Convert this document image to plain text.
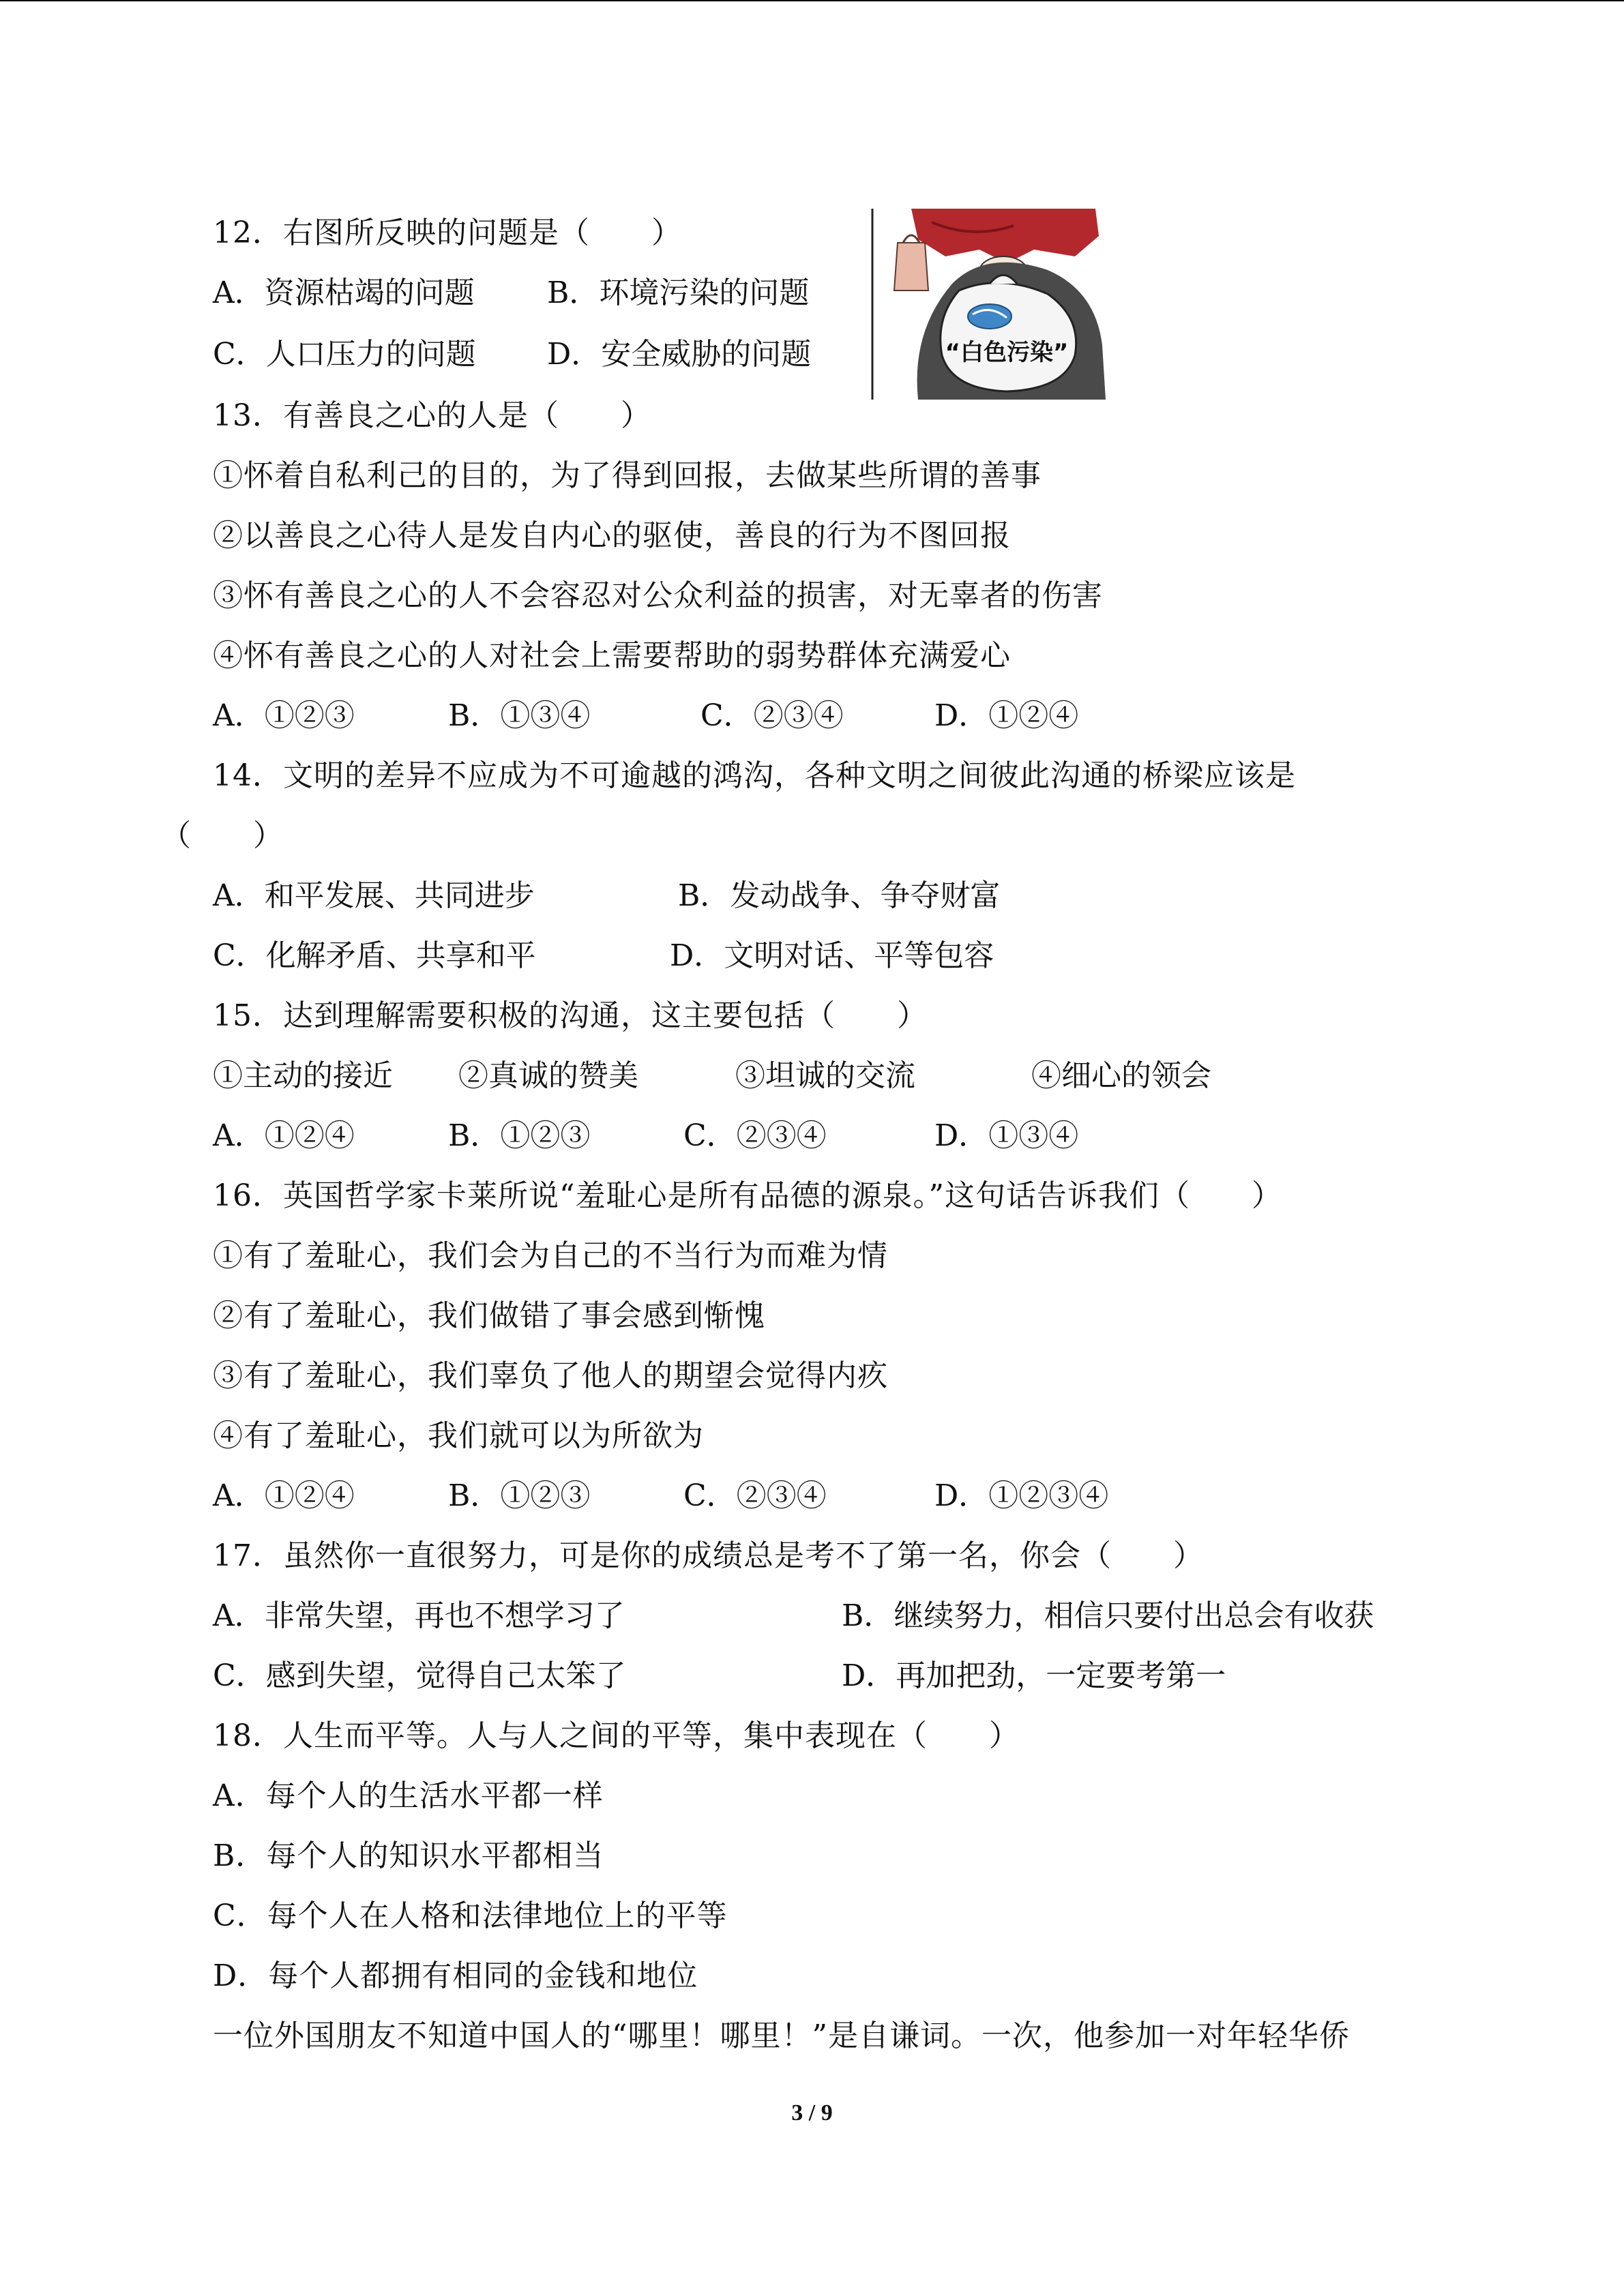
12．右图所反映的问题是（　　）
A．资源枯竭的问题 B．环境污染的问题
C．人口压力的问题 D．安全威胁的问题	“白色污染”
13．有善良之心的人是（　　）
①怀着自私利己的目的，为了得到回报，去做某些所谓的善事
②以善良之心待人是发自内心的驱使，善良的行为不图回报
③怀有善良之心的人不会容忍对公众利益的损害，对无辜者的伤害
④怀有善良之心的人对社会上需要帮助的弱势群体充满爱心
A．①②③	B．①③④	C．②③④	D．①②④
14．文明的差异不应成为不可逾越的鸿沟，各种文明之间彼此沟通的桥梁应该是
（　　）
A．和平发展、共同进步	B．发动战争、争夺财富
C．化解矛盾、共享和平	D．文明对话、平等包容
15．达到理解需要积极的沟通，这主要包括（　　）
①主动的接近 ②真诚的赞美	③坦诚的交流	④细心的领会
A．①②④	B．①②③	C．②③④	D．①③④
16．英国哲学家卡莱所说“羞耻心是所有品德的源泉。”这句话告诉我们（　　）
①有了羞耻心，我们会为自己的不当行为而难为情
②有了羞耻心，我们做错了事会感到惭愧
③有了羞耻心，我们辜负了他人的期望会觉得内疚
④有了羞耻心，我们就可以为所欲为
A．①②④	B．①②③	C．②③④	D．①②③④
17．虽然你一直很努力，可是你的成绩总是考不了第一名，你会（　　）
A．非常失望，再也不想学习了	B．继续努力，相信只要付出总会有收获
C．感到失望，觉得自己太笨了	D．再加把劲，一定要考第一
18．人生而平等。人与人之间的平等，集中表现在（　　）
A．每个人的生活水平都一样
B．每个人的知识水平都相当
C．每个人在人格和法律地位上的平等
D．每个人都拥有相同的金钱和地位
一位外国朋友不知道中国人的“哪里！哪里！”是自谦词。一次，他参加一对年轻华侨
3 / 9
